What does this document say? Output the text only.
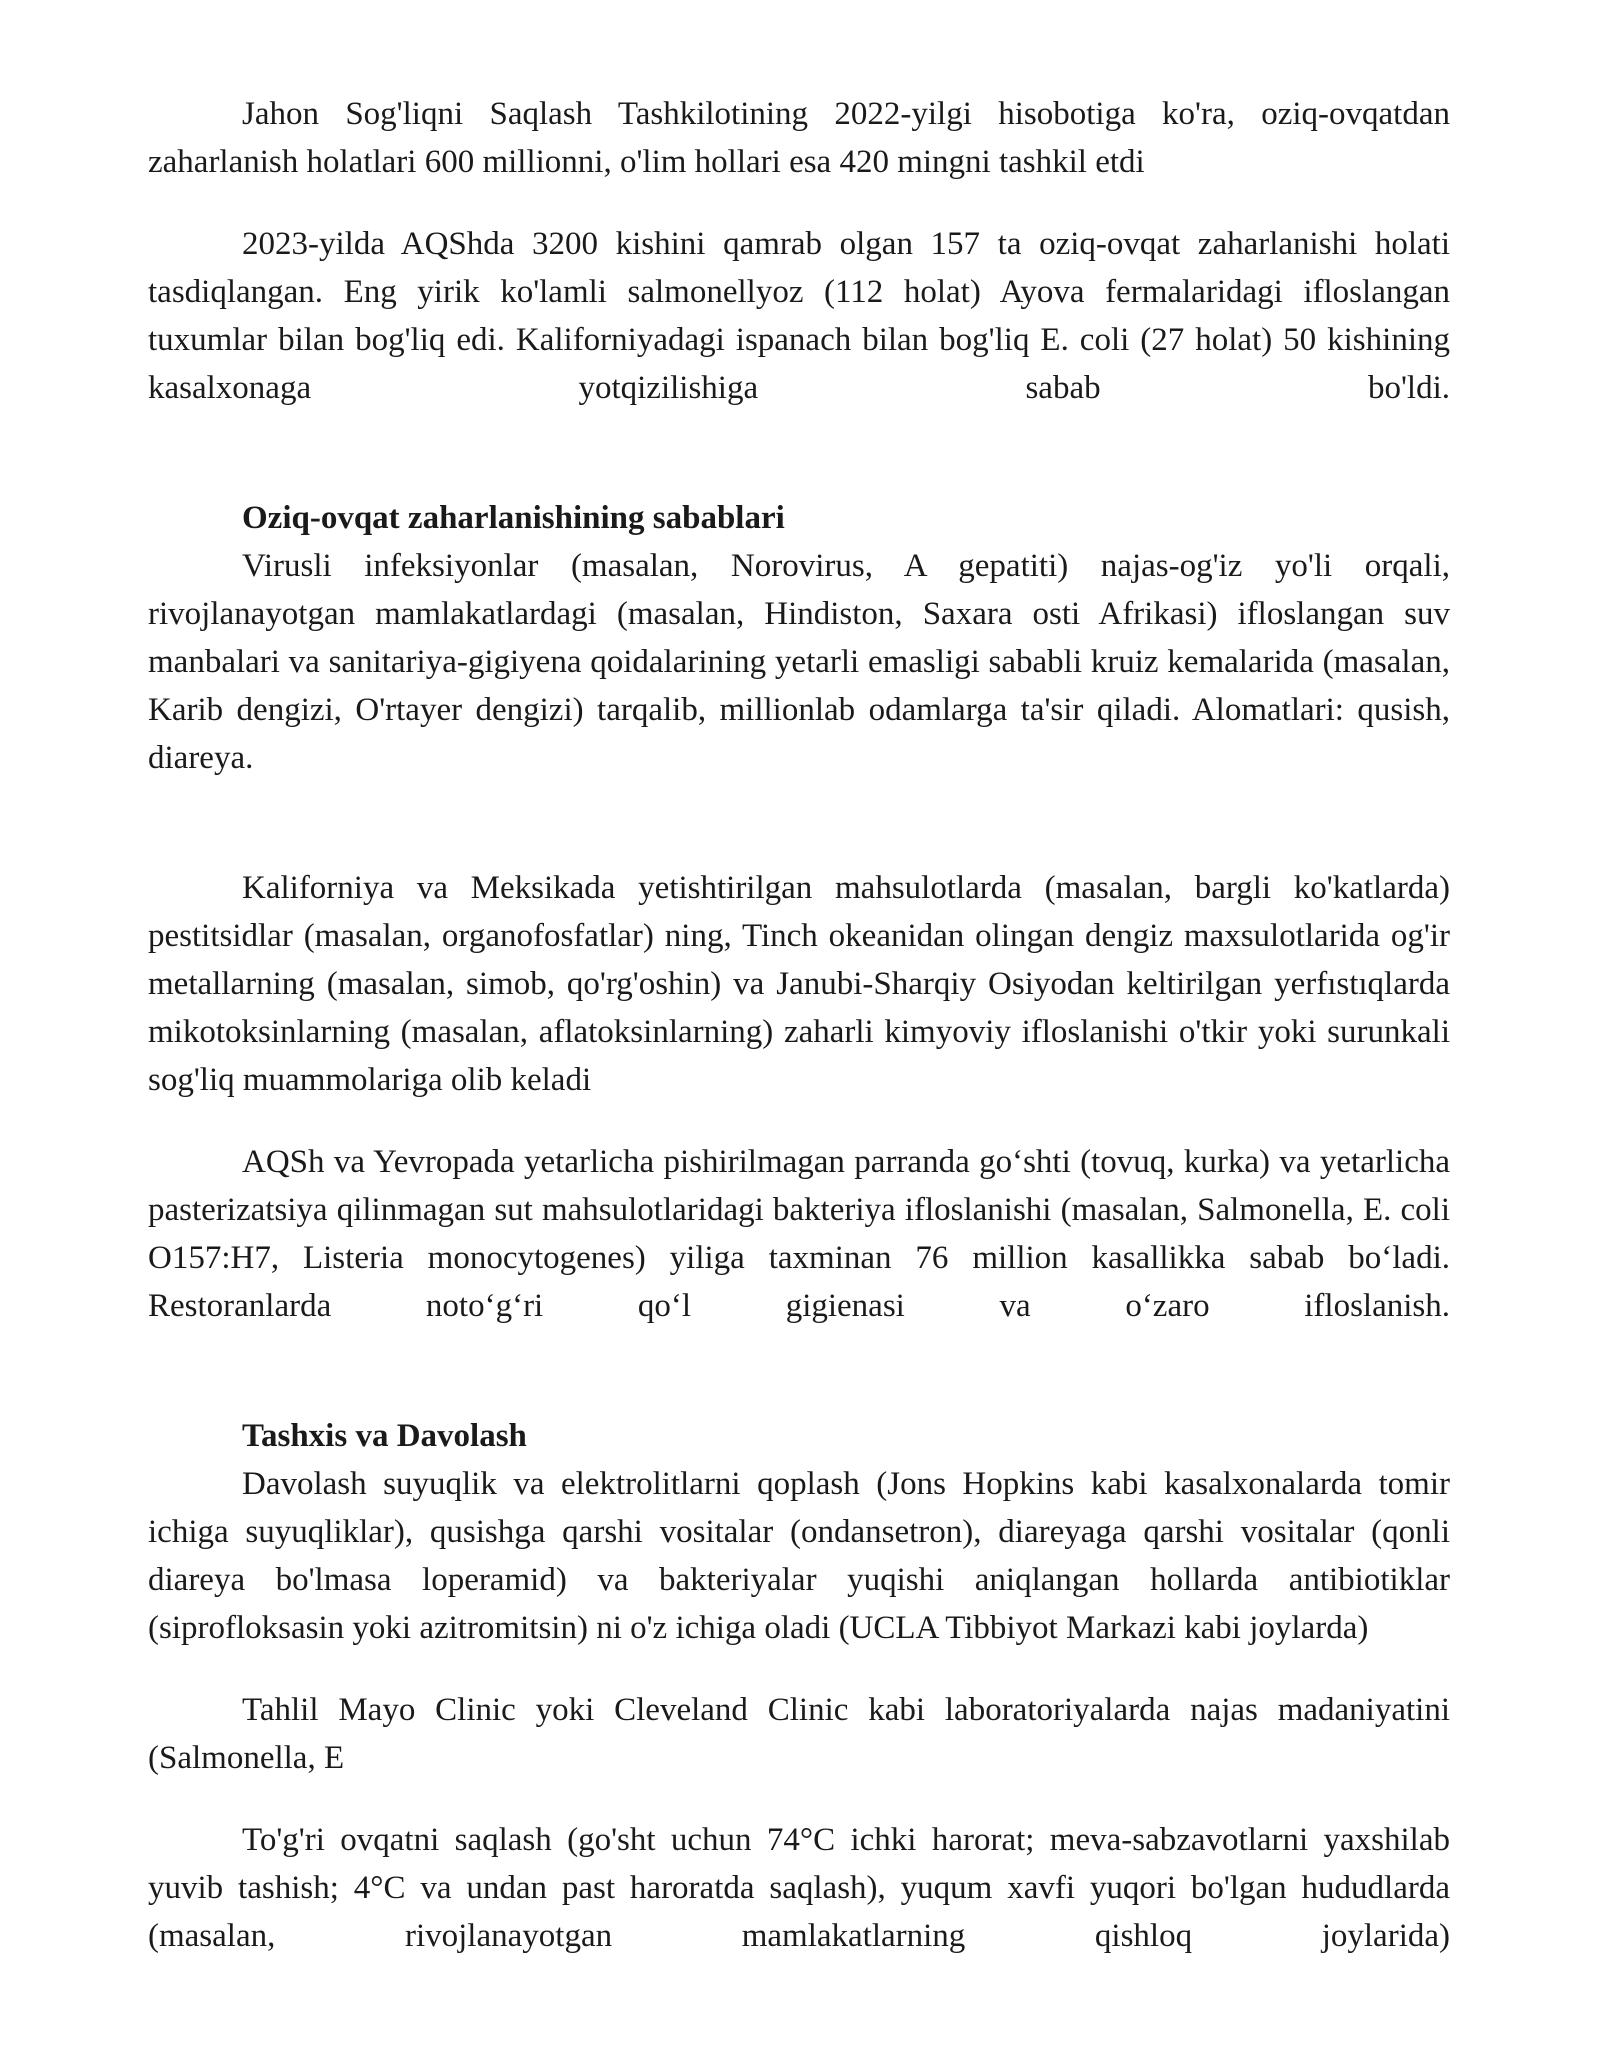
Jahon Sog'liqni Saqlash Tashkilotining 2022-yilgi hisobotiga ko'ra, oziq-ovqatdan zaharlanish holatlari 600 millionni, o'lim hollari esa 420 mingni tashkil etdi

2023-yilda AQShda 3200 kishini qamrab olgan 157 ta oziq-ovqat zaharlanishi holati tasdiqlangan. Eng yirik ko'lamli salmonellyoz (112 holat) Ayova fermalaridagi ifloslangan tuxumlar bilan bog'liq edi. Kaliforniyadagi ispanach bilan bog'liq E. coli (27 holat) 50 kishining kasalxonaga yotqizilishiga sabab bo'ldi.

Oziq-ovqat zaharlanishining sabablari

Virusli infeksiyonlar (masalan, Norovirus, A gepatiti) najas-og'iz yo'li orqali, rivojlanayotgan mamlakatlardagi (masalan, Hindiston, Saxara osti Afrikasi) ifloslangan suv manbalari va sanitariya-gigiyena qoidalarining yetarli emasligi sababli kruiz kemalarida (masalan, Karib dengizi, O'rtayer dengizi) tarqalib, millionlab odamlarga ta'sir qiladi. Alomatlari: qusish, diareya.

Kaliforniya va Meksikada yetishtirilgan mahsulotlarda (masalan, bargli ko'katlarda) pestitsidlar (masalan, organofosfatlar) ning, Tinch okeanidan olingan dengiz maxsulotlarida og'ir metallarning (masalan, simob, qo'rg'oshin) va Janubi-Sharqiy Osiyodan keltirilgan yerfıstıqlarda mikotoksinlarning (masalan, aflatoksinlarning) zaharli kimyoviy ifloslanishi o'tkir yoki surunkali sog'liq muammolariga olib keladi

AQSh va Yevropada yetarlicha pishirilmagan parranda go‘shti (tovuq, kurka) va yetarlicha pasterizatsiya qilinmagan sut mahsulotlaridagi bakteriya ifloslanishi (masalan, Salmonella, E. coli O157:H7, Listeria monocytogenes) yiliga taxminan 76 million kasallikka sabab bo‘ladi. Restoranlarda noto‘g‘ri qo‘l gigienasi va o‘zaro ifloslanish.

Tashxis va Davolash

Davolash suyuqlik va elektrolitlarni qoplash (Jons Hopkins kabi kasalxonalarda tomir ichiga suyuqliklar), qusishga qarshi vositalar (ondansetron), diareyaga qarshi vositalar (qonli diareya bo'lmasa loperamid) va bakteriyalar yuqishi aniqlangan hollarda antibiotiklar (siprofloksasin yoki azitromitsin) ni o'z ichiga oladi (UCLA Tibbiyot Markazi kabi joylarda)

Tahlil Mayo Clinic yoki Cleveland Clinic kabi laboratoriyalarda najas madaniyatini (Salmonella, E

To'g'ri ovqatni saqlash (go'sht uchun 74°C ichki harorat; meva-sabzavotlarni yaxshilab yuvib tashish; 4°C va undan past haroratda saqlash), yuqum xavfi yuqori bo'lgan hududlarda (masalan, rivojlanayotgan mamlakatlarning qishloq joylarida)
